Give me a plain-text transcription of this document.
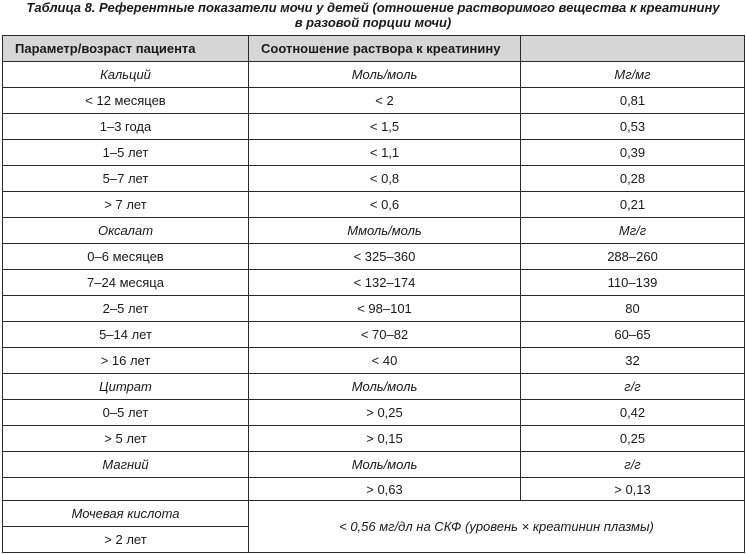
Таблица 8. Референтные показатели мочи у детей (отношение растворимого вещества к креатинину
в разовой порции мочи)
Параметр/возраст пациента	Соотношение раствора к креатинину	
Кальций	Моль/моль	Мг/мг
< 12 месяцев	< 2	0,81
1–3 года	< 1,5	0,53
1–5 лет	< 1,1	0,39
5–7 лет	< 0,8	0,28
> 7 лет	< 0,6	0,21
Оксалат	Ммоль/моль	Мг/г
0–6 месяцев	< 325–360	288–260
7–24 месяца	< 132–174	110–139
2–5 лет	< 98–101	80
5–14 лет	< 70–82	60–65
> 16 лет	< 40	32
Цитрат	Моль/моль	г/г
0–5 лет	> 0,25	0,42
> 5 лет	> 0,15	0,25
Магний	Моль/моль	г/г
	> 0,63	> 0,13
Мочевая кислота	< 0,56 мг/дл на СКФ (уровень × креатинин плазмы)	
> 2 лет		
